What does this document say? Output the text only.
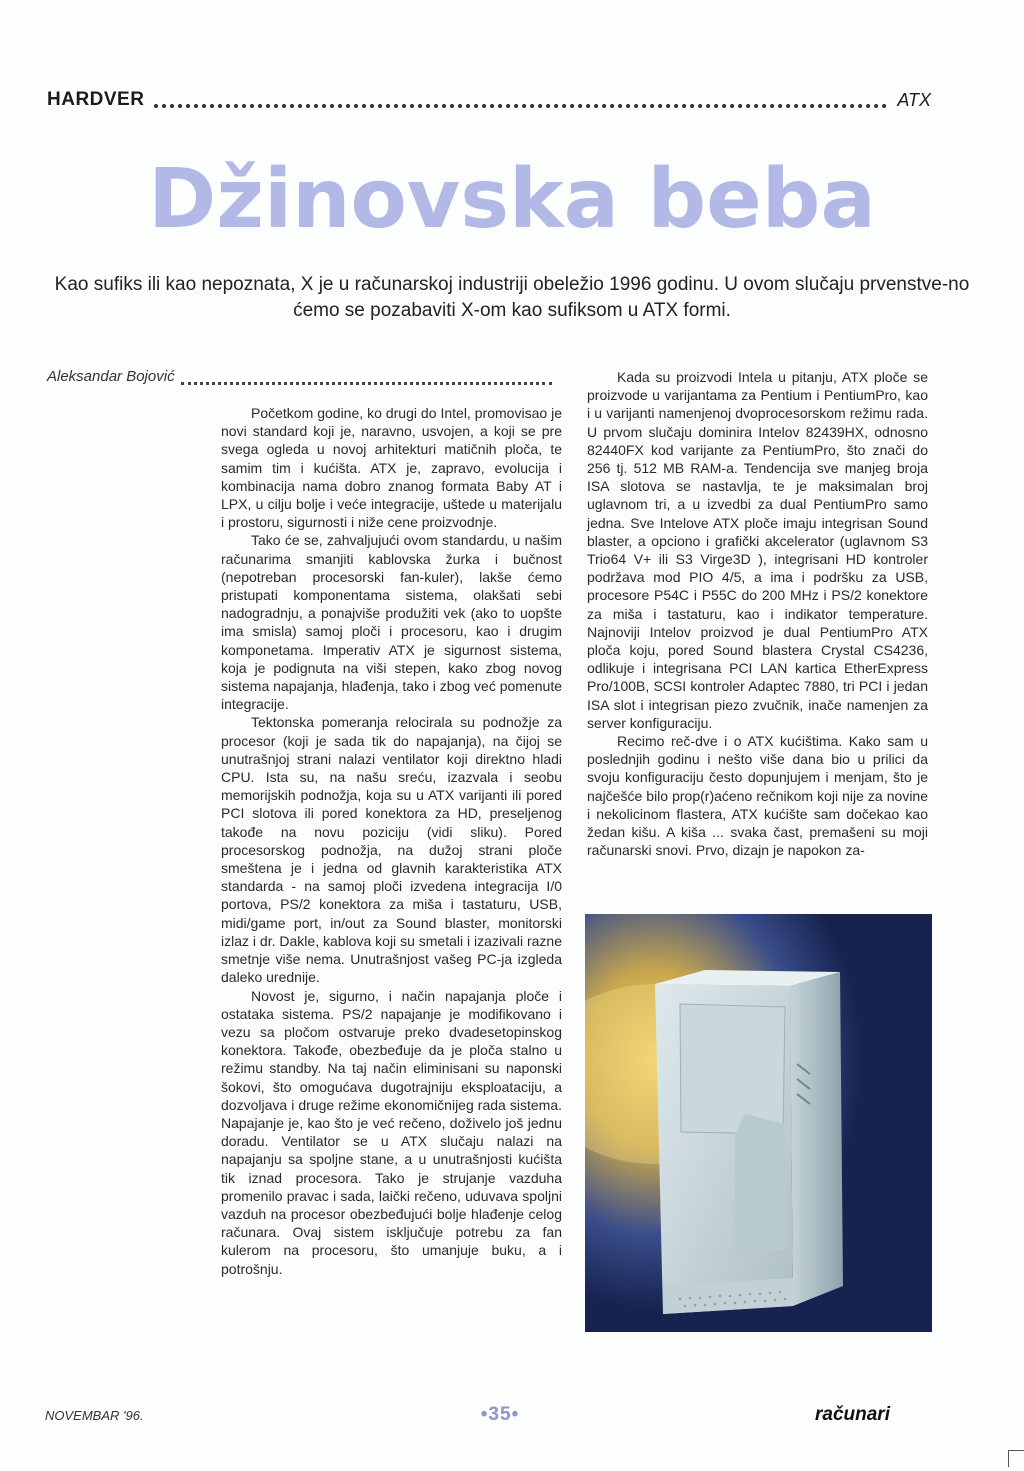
HARDVER	ATX
Džinovska beba
Kao sufiks ili kao nepoznata, X je u računarskoj industriji obeležio 1996 godinu. U ovom slučaju prvenstve-no ćemo se pozabaviti X-om kao sufiksom u ATX formi.
Aleksandar Bojović

Početkom godine, ko drugi do Intel, promovisao je novi standard koji je, naravno, usvojen, a koji se pre svega ogleda u novoj arhitekturi matičnih ploča, te samim tim i kućišta. ATX je, zapravo, evolucija i kombinacija nama dobro znanog formata Baby AT i LPX, u cilju bolje i veće integracije, uštede u materijalu i prostoru, sigurnosti i niže cene proizvodnje.

Tako će se, zahvaljujući ovom standardu, u našim računarima smanjiti kablovska žurka i bučnost (nepotreban procesorski fan-kuler), lakše ćemo pristupati komponentama sistema, olakšati sebi nadogradnju, a ponajviše produžiti vek (ako to uopšte ima smisla) samoj ploči i procesoru, kao i drugim komponetama. Imperativ ATX je sigurnost sistema, koja je podignuta na viši stepen, kako zbog novog sistema napajanja, hlađenja, tako i zbog već pomenute integracije.

Tektonska pomeranja relocirala su podnožje za procesor (koji je sada tik do napajanja), na čijoj se unutrašnjoj strani nalazi ventilator koji direktno hladi CPU. Ista su, na našu sreću, izazvala i seobu memorijskih podnožja, koja su u ATX varijanti ili pored PCI slotova ili pored konektora za HD, preseljenog takođe na novu poziciju (vidi sliku). Pored procesorskog podnožja, na dužoj strani ploče smeštena je i jedna od glavnih karakteristika ATX standarda - na samoj ploči izvedena integracija I/0 portova, PS/2 konektora za miša i tastaturu, USB, midi/game port, in/out za Sound blaster, monitorski izlaz i dr. Dakle, kablova koji su smetali i izazivali razne smetnje više nema. Unutrašnjost vašeg PC-ja izgleda daleko urednije.

Novost je, sigurno, i način napajanja ploče i ostataka sistema. PS/2 napajanje je modifikovano i vezu sa pločom ostvaruje preko dvadesetopinskog konektora. Takođe, obezbeđuje da je ploča stalno u režimu standby. Na taj način eliminisani su naponski šokovi, što omogućava dugotrajniju eksploataciju, a dozvoljava i druge režime ekonomičnijeg rada sistema. Napajanje je, kao što je već rečeno, doživelo još jednu doradu. Ventilator se u ATX slučaju nalazi na napajanju sa spoljne stane, a u unutrašnjosti kućišta tik iznad procesora. Tako je strujanje vazduha promenilo pravac i sada, laički rečeno, uduvava spoljni vazduh na procesor obezbeđujući bolje hlađenje celog računara. Ovaj sistem isključuje potrebu za fan kulerom na procesoru, što umanjuje buku, a i potrošnju.

Kada su proizvodi Intela u pitanju, ATX ploče se proizvode u varijantama za Pentium i PentiumPro, kao i u varijanti namenjenoj dvoprocesorskom režimu rada. U prvom slučaju dominira Intelov 82439HX, odnosno 82440FX kod varijante za PentiumPro, što znači do 256 tj. 512 MB RAM-a. Tendencija sve manjeg broja ISA slotova se nastavlja, te je maksimalan broj uglavnom tri, a u izvedbi za dual PentiumPro samo jedna. Sve Intelove ATX ploče imaju integrisan Sound blaster, a opciono i grafički akcelerator (uglavnom S3 Trio64 V+ ili S3 Virge3D ), integrisani HD kontroler podržava mod PIO 4/5, a ima i podršku za USB, procesore P54C i P55C do 200 MHz i PS/2 konektore za miša i tastaturu, kao i indikator temperature. Najnoviji Intelov proizvod je dual PentiumPro ATX ploča koju, pored Sound blastera Crystal CS4236, odlikuje i integrisana PCI LAN kartica EtherExpress Pro/100B, SCSI kontroler Adaptec 7880, tri PCI i jedan ISA slot i integrisan piezo zvučnik, inače namenjen za server konfiguraciju.

Recimo reč-dve i o ATX kućištima. Kako sam u poslednjih godinu i nešto više dana bio u prilici da svoju konfiguraciju često dopunjujem i menjam, što je najčešće bilo prop(r)aćeno rečnikom koji nije za novine i nekolicinom flastera, ATX kućište sam dočekao kao žedan kišu. A kiša ... svaka čast, premašeni su moji računarski snovi. Prvo, dizajn je napokon za-

NOVEMBAR '96.	•35•	računari
